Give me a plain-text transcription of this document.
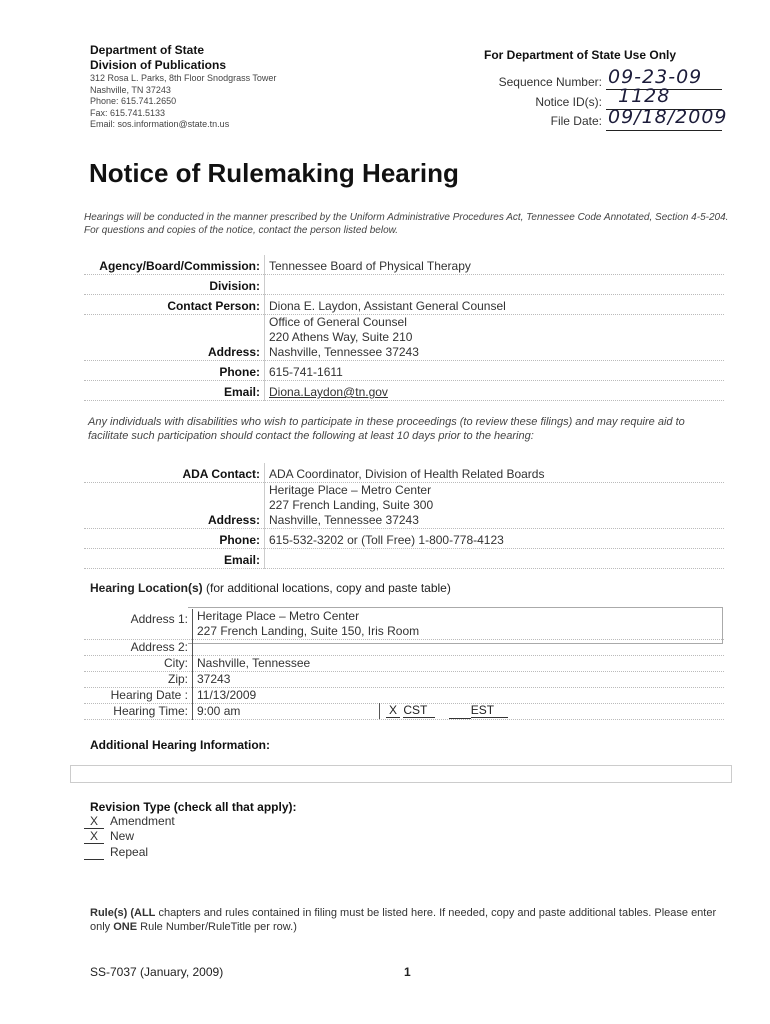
Department of State
Division of Publications
312 Rosa L. Parks, 8th Floor Snodgrass Tower
Nashville, TN 37243
Phone: 615.741.2650
Fax: 615.741.5133
Email: sos.information@state.tn.us
For Department of State Use Only
Sequence Number: 09-23-09
Notice ID(s): 1128
File Date: 09/18/2009
Notice of Rulemaking Hearing
Hearings will be conducted in the manner prescribed by the Uniform Administrative Procedures Act, Tennessee Code Annotated, Section 4-5-204. For questions and copies of the notice, contact the person listed below.
Agency/Board/Commission:	Tennessee Board of Physical Therapy
Division:	
Contact Person:	Diona E. Laydon, Assistant General Counsel
Address:	Office of General Counsel
220 Athens Way, Suite 210
Nashville, Tennessee 37243

Phone:	615-741-1611
Email:	Diona.Laydon@tn.gov
Any individuals with disabilities who wish to participate in these proceedings (to review these filings) and may require aid to facilitate such participation should contact the following at least 10 days prior to the hearing:
ADA Contact:	ADA Coordinator, Division of Health Related Boards
Address:	Heritage Place – Metro Center
227 French Landing, Suite 300
Nashville, Tennessee 37243

Phone:	615-532-3202 or (Toll Free) 1-800-778-4123
Email:	
Hearing Location(s) (for additional locations, copy and paste table)
Address 1:	Heritage Place – Metro Center
227 French Landing, Suite 150, Iris Room

Address 2:	
City:	Nashville, Tennessee
Zip:	37243
Hearing Date :	11/13/2009
Hearing Time:	9:00 am X CST EST
Additional Hearing Information:
Revision Type (check all that apply):
X Amendment
X New
Repeal
Rule(s) (ALL chapters and rules contained in filing must be listed here. If needed, copy and paste additional tables. Please enter only ONE Rule Number/RuleTitle per row.)
SS-7037 (January, 2009)	1
